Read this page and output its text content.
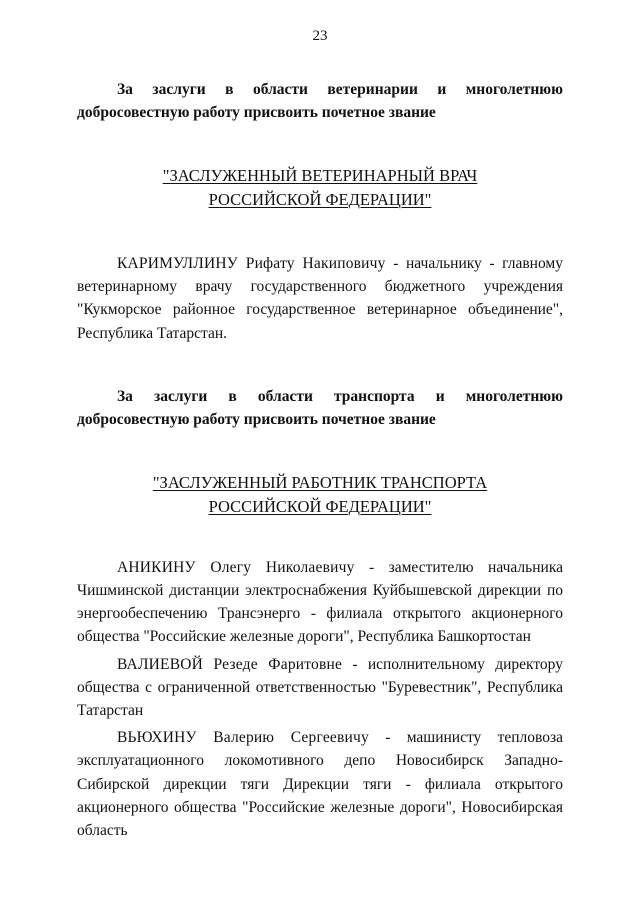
23

За заслуги в области ветеринарии и многолетнюю добросовестную работу присвоить почетное звание

"ЗАСЛУЖЕННЫЙ ВЕТЕРИНАРНЫЙ ВРАЧ
РОССИЙСКОЙ ФЕДЕРАЦИИ"

КАРИМУЛЛИНУ Рифату Накиповичу - начальнику - главному ветеринарному врачу государственного бюджетного учреждения "Кукморское районное государственное ветеринарное объединение", Республика Татарстан.

За заслуги в области транспорта и многолетнюю добросовестную работу присвоить почетное звание

"ЗАСЛУЖЕННЫЙ РАБОТНИК ТРАНСПОРТА
РОССИЙСКОЙ ФЕДЕРАЦИИ"

АНИКИНУ Олегу Николаевичу - заместителю начальника Чишминской дистанции электроснабжения Куйбышевской дирекции по энергообеспечению Трансэнерго - филиала открытого акционерного общества "Российские железные дороги", Республика Башкортостан

ВАЛИЕВОЙ Резеде Фаритовне - исполнительному директору общества с ограниченной ответственностью "Буревестник", Республика Татарстан

ВЬЮХИНУ Валерию Сергеевичу - машинисту тепловоза эксплуатационного локомотивного депо Новосибирск Западно-Сибирской дирекции тяги Дирекции тяги - филиала открытого акционерного общества "Российские железные дороги", Новосибирская область
